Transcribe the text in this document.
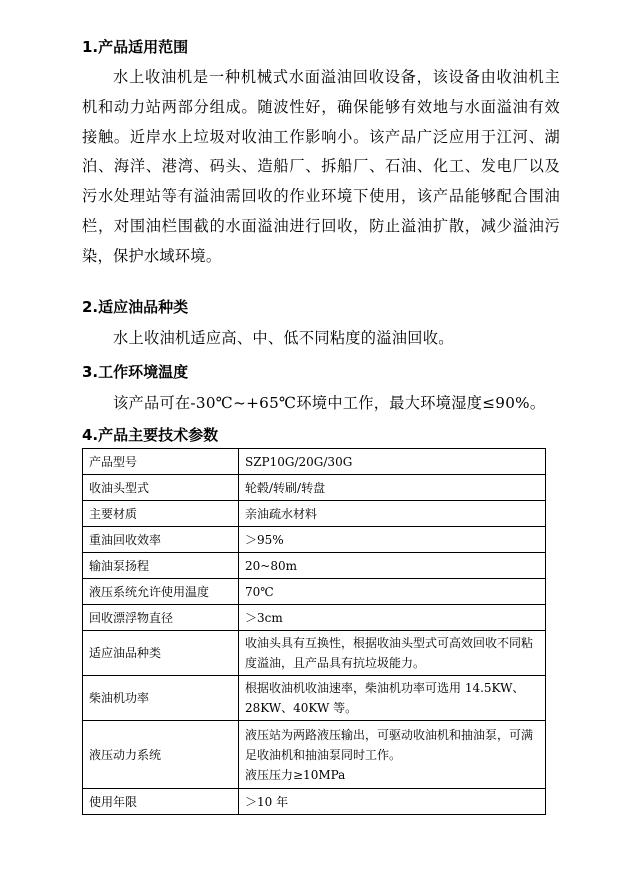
1.产品适用范围

水上收油机是一种机械式水面溢油回收设备，该设备由收油机主机和动力站两部分组成。随波性好，确保能够有效地与水面溢油有效接触。近岸水上垃圾对收油工作影响小。该产品广泛应用于江河、湖泊、海洋、港湾、码头、造船厂、拆船厂、石油、化工、发电厂以及污水处理站等有溢油需回收的作业环境下使用，该产品能够配合围油栏，对围油栏围截的水面溢油进行回收，防止溢油扩散，减少溢油污染，保护水域环境。

2.适应油品种类
水上收油机适应高、中、低不同粘度的溢油回收。
3.工作环境温度
该产品可在-30℃~+65℃环境中工作，最大环境湿度≤90%。
4.产品主要技术参数
产品型号	SZP10G/20G/30G
收油头型式	轮毂/转刷/转盘
主要材质	亲油疏水材料
重油回收效率	＞95%
输油泵扬程	20~80m
液压系统允许使用温度	70℃
回收漂浮物直径	＞3cm
适应油品种类	收油头具有互换性，根据收油头型式可高效回收不同粘度溢油，且产品具有抗垃圾能力。
柴油机功率	根据收油机收油速率，柴油机功率可选用 14.5KW、28KW、40KW 等。
液压动力系统	液压站为两路液压输出，可驱动收油机和抽油泵，可满足收油机和抽油泵同时工作。
液压压力≥10MPa

使用年限	＞10 年
